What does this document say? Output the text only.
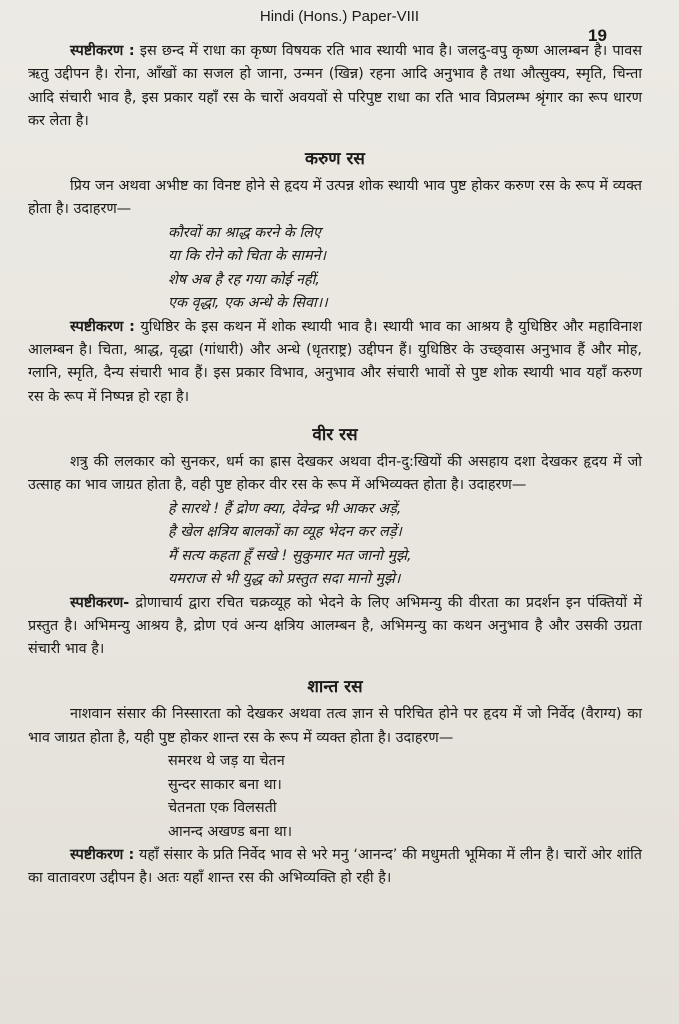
Hindi (Hons.) Paper-VIII
19

स्पष्टीकरण : इस छन्द में राधा का कृष्ण विषयक रति भाव स्थायी भाव है। जलदु-वपु कृष्ण आलम्बन है। पावस ऋतु उद्दीपन है। रोना, आँखों का सजल हो जाना, उन्मन (खिन्न) रहना आदि अनुभाव है तथा औत्सुक्य, स्मृति, चिन्ता आदि संचारी भाव है, इस प्रकार यहाँ रस के चारों अवयवों से परिपुष्ट राधा का रति भाव विप्रलम्भ श्रृंगार का रूप धारण कर लेता है।

करुण रस

प्रिय जन अथवा अभीष्ट का विनष्ट होने से हृदय में उत्पन्न शोक स्थायी भाव पुष्ट होकर करुण रस के रूप में व्यक्त होता है। उदाहरण—

कौरवों का श्राद्ध करने के लिए
या कि रोने को चिता के सामने।
शेष अब है रह गया कोई नहीं,
एक वृद्धा, एक अन्धे के सिवा।।

स्पष्टीकरण : युधिष्ठिर के इस कथन में शोक स्थायी भाव है। स्थायी भाव का आश्रय है युधिष्ठिर और महाविनाश आलम्बन है। चिता, श्राद्ध, वृद्धा (गांधारी) और अन्धे (धृतराष्ट्र) उद्दीपन हैं। युधिष्ठिर के उच्छ्‌वास अनुभाव हैं और मोह, ग्लानि, स्मृति, दैन्य संचारी भाव हैं। इस प्रकार विभाव, अनुभाव और संचारी भावों से पुष्ट शोक स्थायी भाव यहाँ करुण रस के रूप में निष्पन्न हो रहा है।

वीर रस

शत्रु की ललकार को सुनकर, धर्म का ह्रास देखकर अथवा दीन-दु:खियों की असहाय दशा देखकर हृदय में जो उत्साह का भाव जाग्रत होता है, वही पुष्ट होकर वीर रस के रूप में अभिव्यक्त होता है। उदाहरण—

हे सारथे ! हैं द्रोण क्या, देवेन्द्र भी आकर अड़ें,
है खेल क्षत्रिय बालकों का व्यूह भेदन कर लड़ें।
मैं सत्य कहता हूँ सखे ! सुकुमार मत जानो मुझे,
यमराज से भी युद्ध को प्रस्तुत सदा मानो मुझे।

स्पष्टीकरण- द्रोणाचार्य द्वारा रचित चक्रव्यूह को भेदने के लिए अभिमन्यु की वीरता का प्रदर्शन इन पंक्तियों में प्रस्तुत है। अभिमन्यु आश्रय है, द्रोण एवं अन्य क्षत्रिय आलम्बन है, अभिमन्यु का कथन अनुभाव है और उसकी उग्रता संचारी भाव है।

शान्त रस

नाशवान संसार की निस्सारता को देखकर अथवा तत्व ज्ञान से परिचित होने पर हृदय में जो निर्वेद (वैराग्य) का भाव जाग्रत होता है, यही पुष्ट होकर शान्त रस के रूप में व्यक्त होता है। उदाहरण—

समरथ थे जड़ या चेतन
सुन्दर साकार बना था।
चेतनता एक विलसती
आनन्द अखण्ड बना था।

स्पष्टीकरण : यहाँ संसार के प्रति निर्वेद भाव से भरे मनु ‘आनन्द’ की मधुमती भूमिका में लीन है। चारों ओर शांति का वातावरण उद्दीपन है। अतः यहाँ शान्त रस की अभिव्यक्ति हो रही है।
